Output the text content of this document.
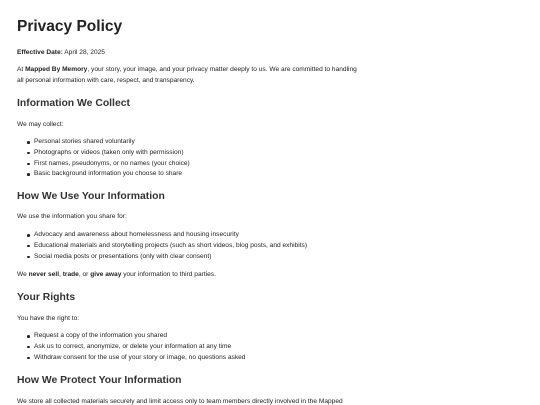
Privacy Policy

Effective Date: April 28, 2025

At Mapped By Memory, your story, your image, and your privacy matter deeply to us. We are committed to handling all personal information with care, respect, and transparency.

Information We Collect

We may collect:

Personal stories shared voluntarily
Photographs or videos (taken only with permission)
First names, pseudonyms, or no names (your choice)
Basic background information you choose to share
How We Use Your Information

We use the information you share for:

Advocacy and awareness about homelessness and housing insecurity
Educational materials and storytelling projects (such as short videos, blog posts, and exhibits)
Social media posts or presentations (only with clear consent)

We never sell, trade, or give away your information to third parties.

Your Rights

You have the right to:

Request a copy of the information you shared
Ask us to correct, anonymize, or delete your information at any time
Withdraw consent for the use of your story or image, no questions asked
How We Protect Your Information

We store all collected materials securely and limit access only to team members directly involved in the Mapped
